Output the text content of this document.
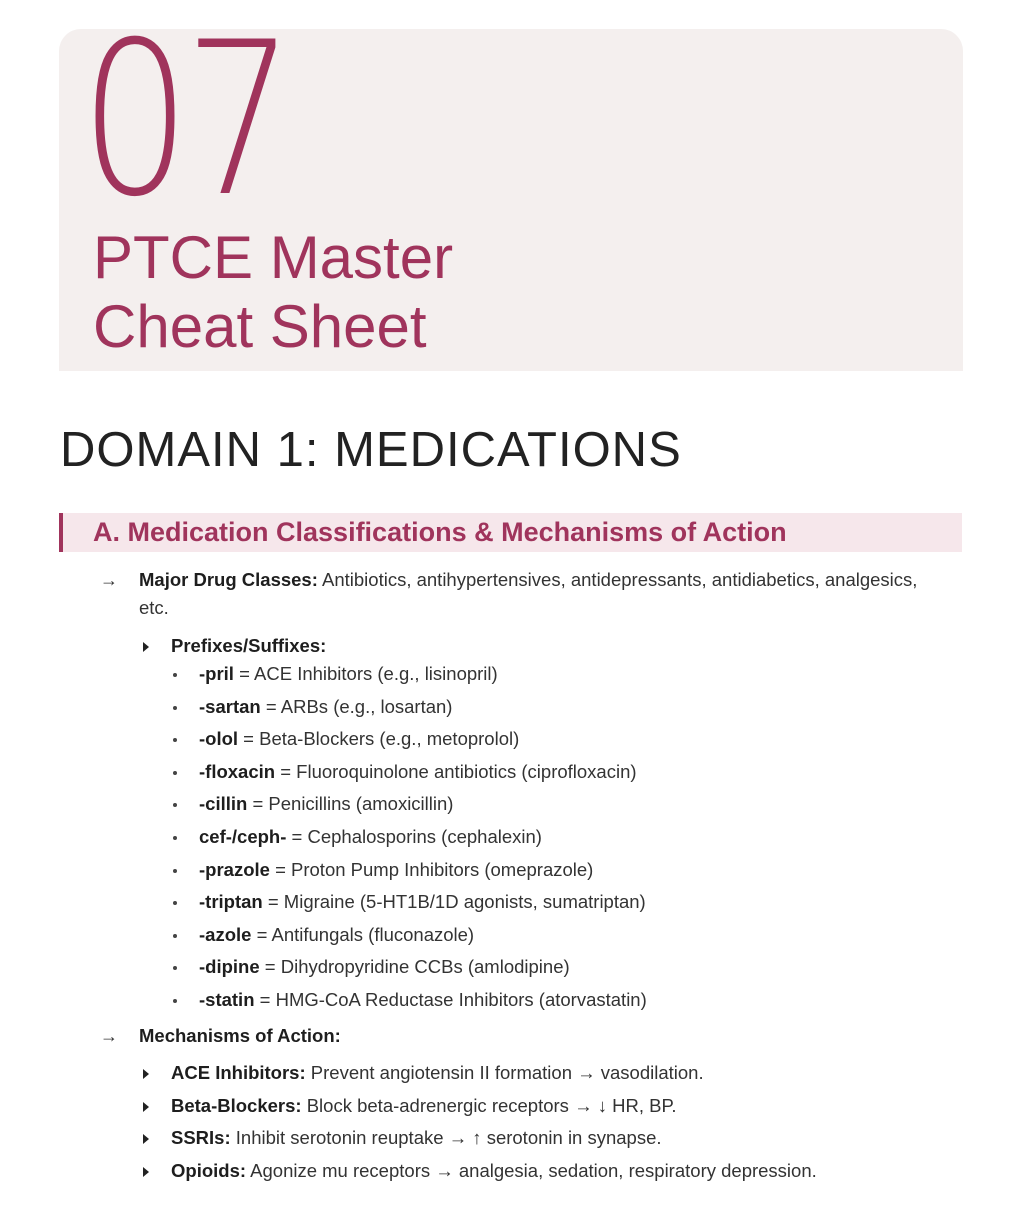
07
PTCE Master
Cheat Sheet
DOMAIN 1: MEDICATIONS
A. Medication Classifications & Mechanisms of Action
→ Major Drug Classes: Antibiotics, antihypertensives, antidepressants, antidiabetics, analgesics,
etc.
Prefixes/Suffixes:
-pril = ACE Inhibitors (e.g., lisinopril)
-sartan = ARBs (e.g., losartan)
-olol = Beta-Blockers (e.g., metoprolol)
-floxacin = Fluoroquinolone antibiotics (ciprofloxacin)
-cillin = Penicillins (amoxicillin)
cef-/ceph- = Cephalosporins (cephalexin)
-prazole = Proton Pump Inhibitors (omeprazole)
-triptan = Migraine (5-HT1B/1D agonists, sumatriptan)
-azole = Antifungals (fluconazole)
-dipine = Dihydropyridine CCBs (amlodipine)
-statin = HMG-CoA Reductase Inhibitors (atorvastatin)
→ Mechanisms of Action:
ACE Inhibitors: Prevent angiotensin II formation → vasodilation.
Beta-Blockers: Block beta-adrenergic receptors → ↓ HR, BP.
SSRIs: Inhibit serotonin reuptake → ↑ serotonin in synapse.
Opioids: Agonize mu receptors → analgesia, sedation, respiratory depression.
